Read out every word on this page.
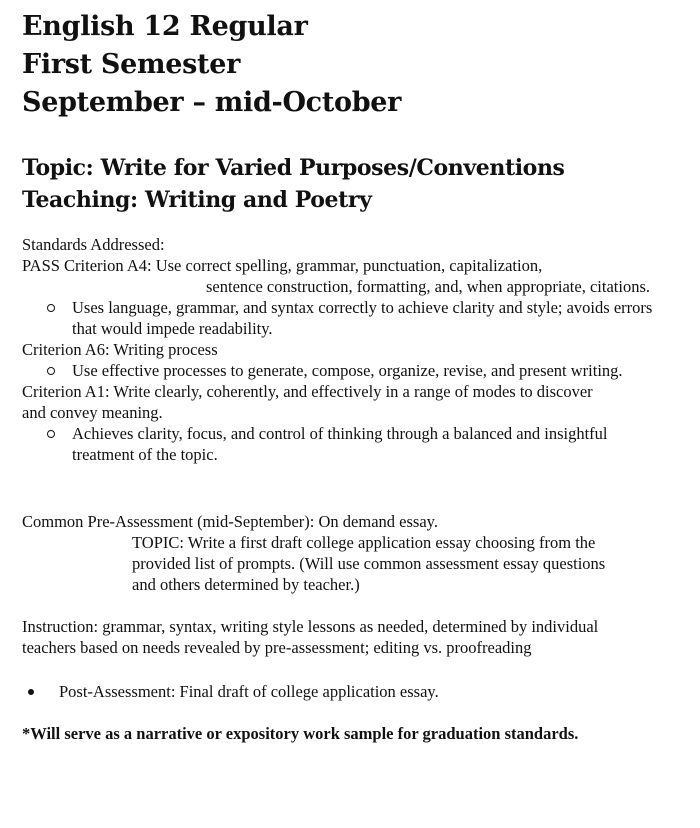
English 12 Regular
First Semester
September – mid-October
Topic: Write for Varied Purposes/Conventions
Teaching: Writing and Poetry
Standards Addressed:
PASS Criterion A4: Use correct spelling, grammar, punctuation, capitalization,
sentence construction, formatting, and, when appropriate, citations.
Uses language, grammar, and syntax correctly to achieve clarity and style; avoids errors that would impede readability.
Criterion A6: Writing process
Use effective processes to generate, compose, organize, revise, and present writing.
Criterion A1: Write clearly, coherently, and effectively in a range of modes to discover
and convey meaning.
Achieves clarity, focus, and control of thinking through a balanced and insightful treatment of the topic.
Common Pre-Assessment (mid-September): On demand essay.
TOPIC: Write a first draft college application essay choosing from the
provided list of prompts. (Will use common assessment essay questions
and others determined by teacher.)
Instruction: grammar, syntax, writing style lessons as needed, determined by individual
teachers based on needs revealed by pre-assessment; editing vs. proofreading
Post-Assessment: Final draft of college application essay.
*Will serve as a narrative or expository work sample for graduation standards.
